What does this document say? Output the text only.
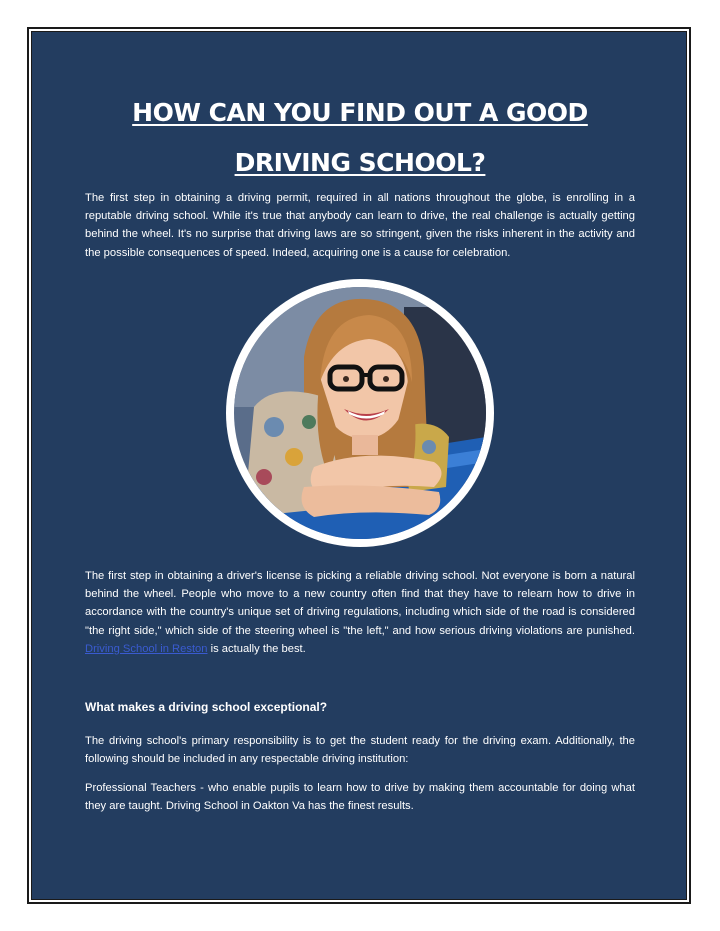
HOW CAN YOU FIND OUT A GOOD
DRIVING SCHOOL?

The first step in obtaining a driving permit, required in all nations throughout the globe, is enrolling in a reputable driving school. While it's true that anybody can learn to drive, the real challenge is actually getting behind the wheel. It's no surprise that driving laws are so stringent, given the risks inherent in the activity and the possible consequences of speed. Indeed, acquiring one is a cause for celebration.

The first step in obtaining a driver's license is picking a reliable driving school. Not everyone is born a natural behind the wheel. People who move to a new country often find that they have to relearn how to drive in accordance with the country's unique set of driving regulations, including which side of the road is considered "the right side," which side of the steering wheel is "the left," and how serious driving violations are punished. Driving School in Reston is actually the best.

What makes a driving school exceptional?

The driving school's primary responsibility is to get the student ready for the driving exam. Additionally, the following should be included in any respectable driving institution:

Professional Teachers - who enable pupils to learn how to drive by making them accountable for doing what they are taught. Driving School in Oakton Va has the finest results.
